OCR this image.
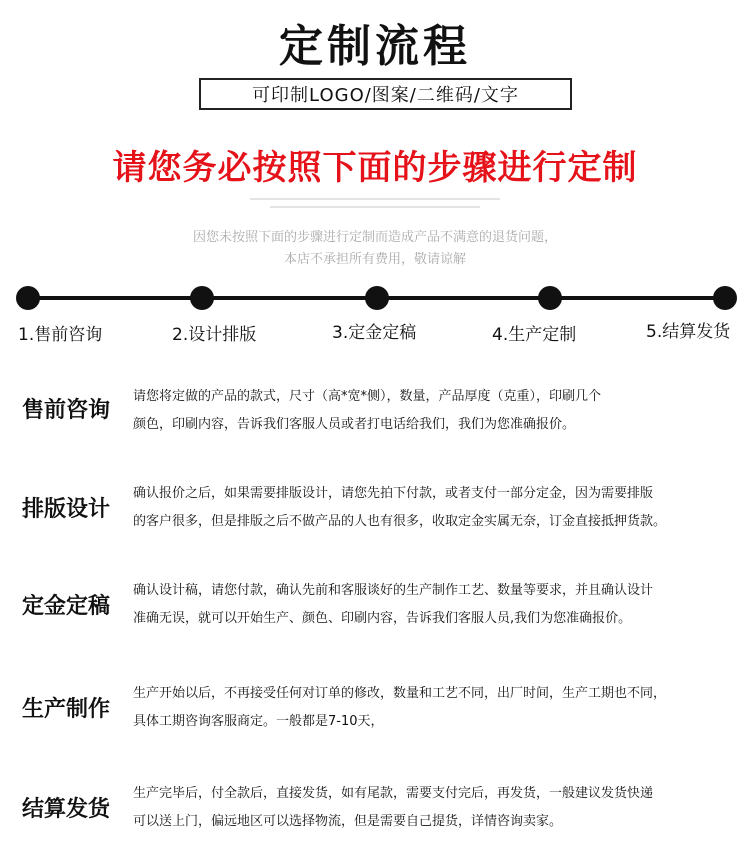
定制流程
可印制LOGO/图案/二维码/文字
请您务必按照下面的步骤进行定制
因您未按照下面的步骤进行定制而造成产品不满意的退货问题，
本店不承担所有费用，敬请谅解
1.售前咨询	2.设计排版	3.定金定稿	4.生产定制	5.结算发货
售前咨询
请您将定做的产品的款式，尺寸（高*宽*侧），数量，产品厚度（克重），印刷几个
颜色，印刷内容，告诉我们客服人员或者打电话给我们，我们为您准确报价。
排版设计
确认报价之后，如果需要排版设计，请您先拍下付款，或者支付一部分定金，因为需要排版
的客户很多，但是排版之后不做产品的人也有很多，收取定金实属无奈，订金直接抵押货款。
定金定稿
确认设计稿，请您付款，确认先前和客服谈好的生产制作工艺、数量等要求，并且确认设计
准确无误，就可以开始生产、颜色、印刷内容，告诉我们客服人员,我们为您准确报价。
生产制作
生产开始以后，不再接受任何对订单的修改，数量和工艺不同，出厂时间，生产工期也不同，
具体工期咨询客服商定。一般都是7-10天，
结算发货
生产完毕后，付全款后，直接发货，如有尾款，需要支付完后，再发货，一般建议发货快递
可以送上门，偏远地区可以选择物流，但是需要自己提货，详情咨询卖家。
